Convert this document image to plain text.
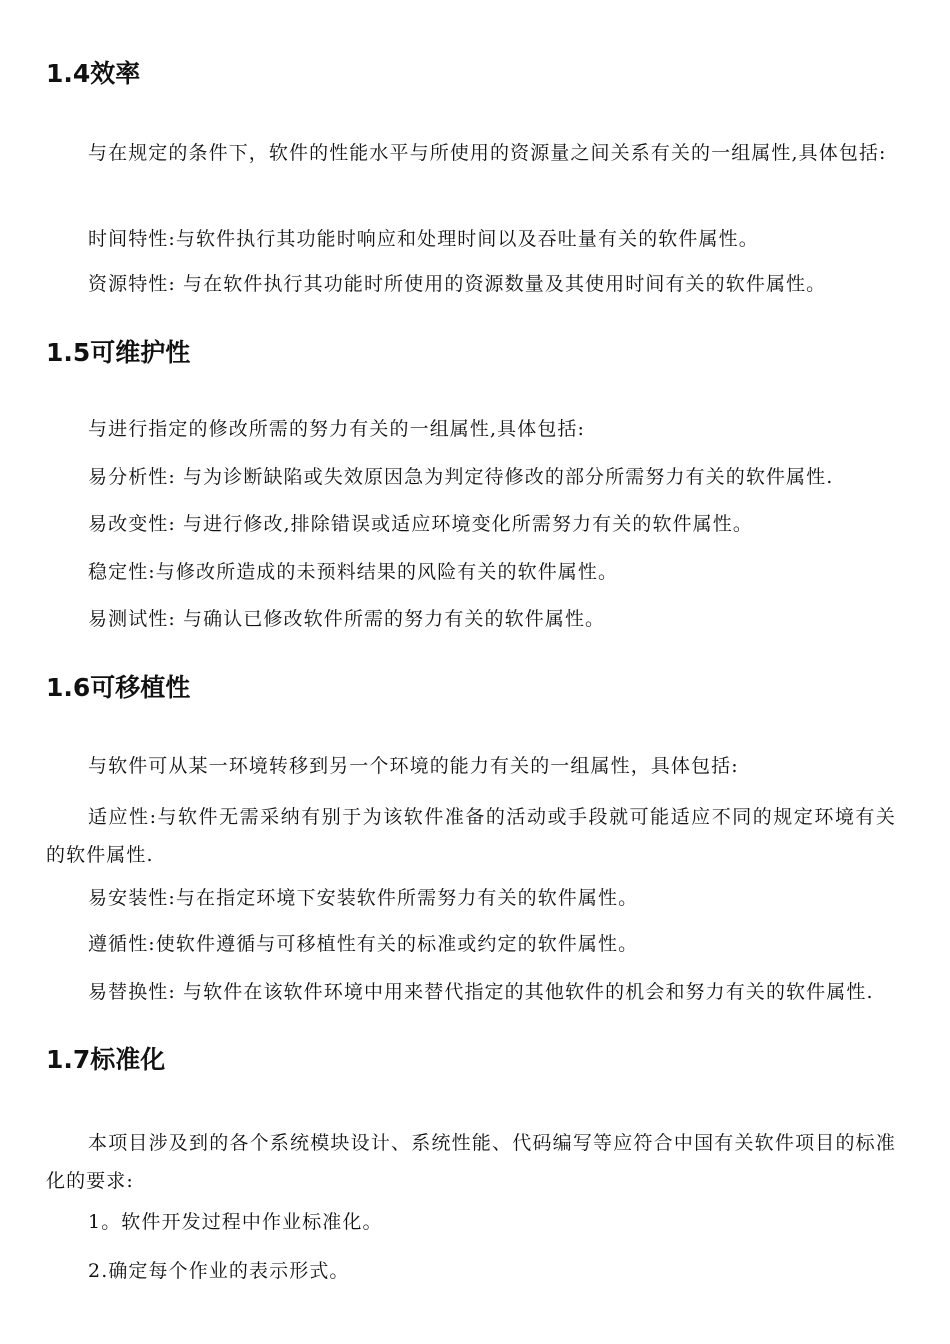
1.4效率

与在规定的条件下，软件的性能水平与所使用的资源量之间关系有关的一组属性,具体包括:

时间特性:与软件执行其功能时响应和处理时间以及吞吐量有关的软件属性。

资源特性: 与在软件执行其功能时所使用的资源数量及其使用时间有关的软件属性。

1.5可维护性

与进行指定的修改所需的努力有关的一组属性,具体包括:

易分析性: 与为诊断缺陷或失效原因急为判定待修改的部分所需努力有关的软件属性.

易改变性: 与进行修改,排除错误或适应环境变化所需努力有关的软件属性。

稳定性:与修改所造成的未预料结果的风险有关的软件属性。

易测试性: 与确认已修改软件所需的努力有关的软件属性。

1.6可移植性

与软件可从某一环境转移到另一个环境的能力有关的一组属性，具体包括:

适应性:与软件无需采纳有别于为该软件准备的活动或手段就可能适应不同的规定环境有关的软件属性.

易安装性:与在指定环境下安装软件所需努力有关的软件属性。

遵循性:使软件遵循与可移植性有关的标准或约定的软件属性。

易替换性: 与软件在该软件环境中用来替代指定的其他软件的机会和努力有关的软件属性.

1.7标准化

本项目涉及到的各个系统模块设计、系统性能、代码编写等应符合中国有关软件项目的标准化的要求:

1。软件开发过程中作业标准化。

2.确定每个作业的表示形式。
